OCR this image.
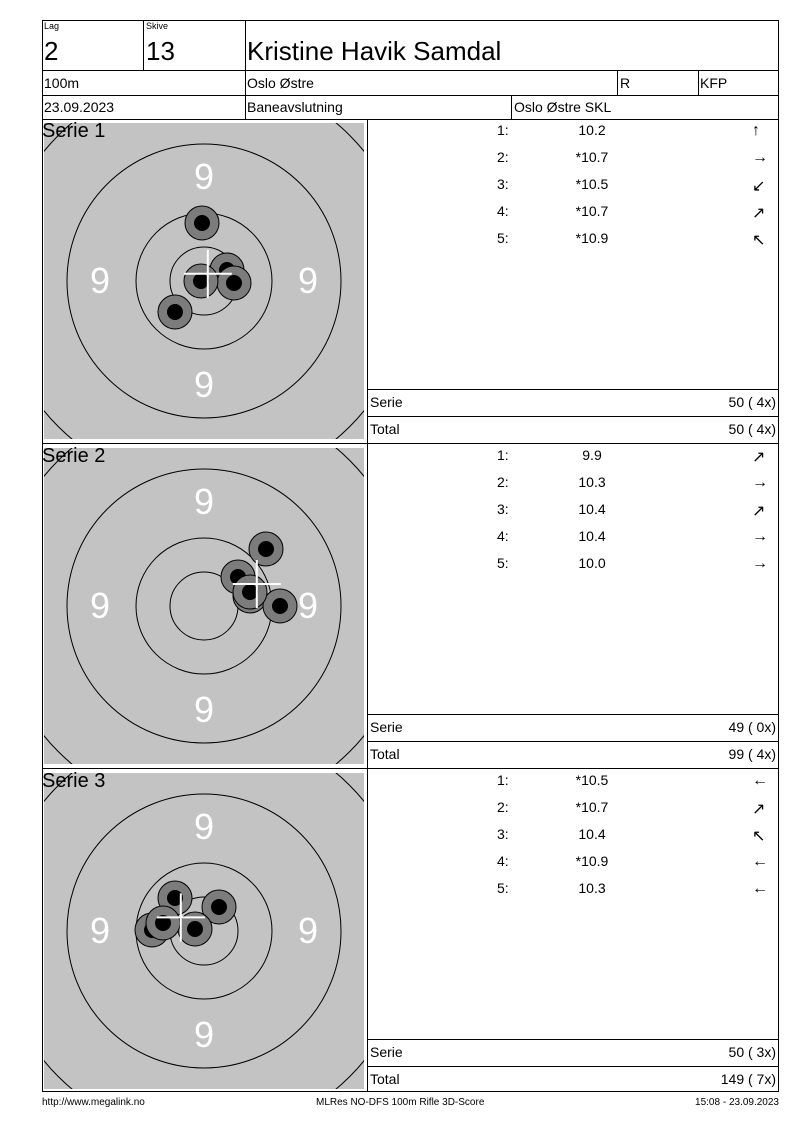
Lag
2
Skive
13	Kristine Havik Samdal
100m	Oslo Østre	R	KFP
23.09.2023	Baneavslutning	Oslo Østre SKL
9
9
9	9
Serie 1	1:	10.2	↑
2:	*10.7	→
3:	*10.5	↙
4:	*10.7	↗
5:	*10.9	↖
Serie	50 ( 4x)
Total	50 ( 4x)
9
9
9	9
Serie 2	1:	9.9	↗
2:	10.3	→
3:	10.4	↗
4:	10.4	→
5:	10.0	→
Serie	49 ( 0x)
Total	99 ( 4x)
9
9
9	9
Serie 3	1:	*10.5	←
2:	*10.7	↗
3:	10.4	↖
4:	*10.9	←
5:	10.3	←
Serie	50 ( 3x)
Total	149 ( 7x)
http://www.megalink.no	MLRes NO-DFS 100m Rifle 3D-Score	15:08 - 23.09.2023
